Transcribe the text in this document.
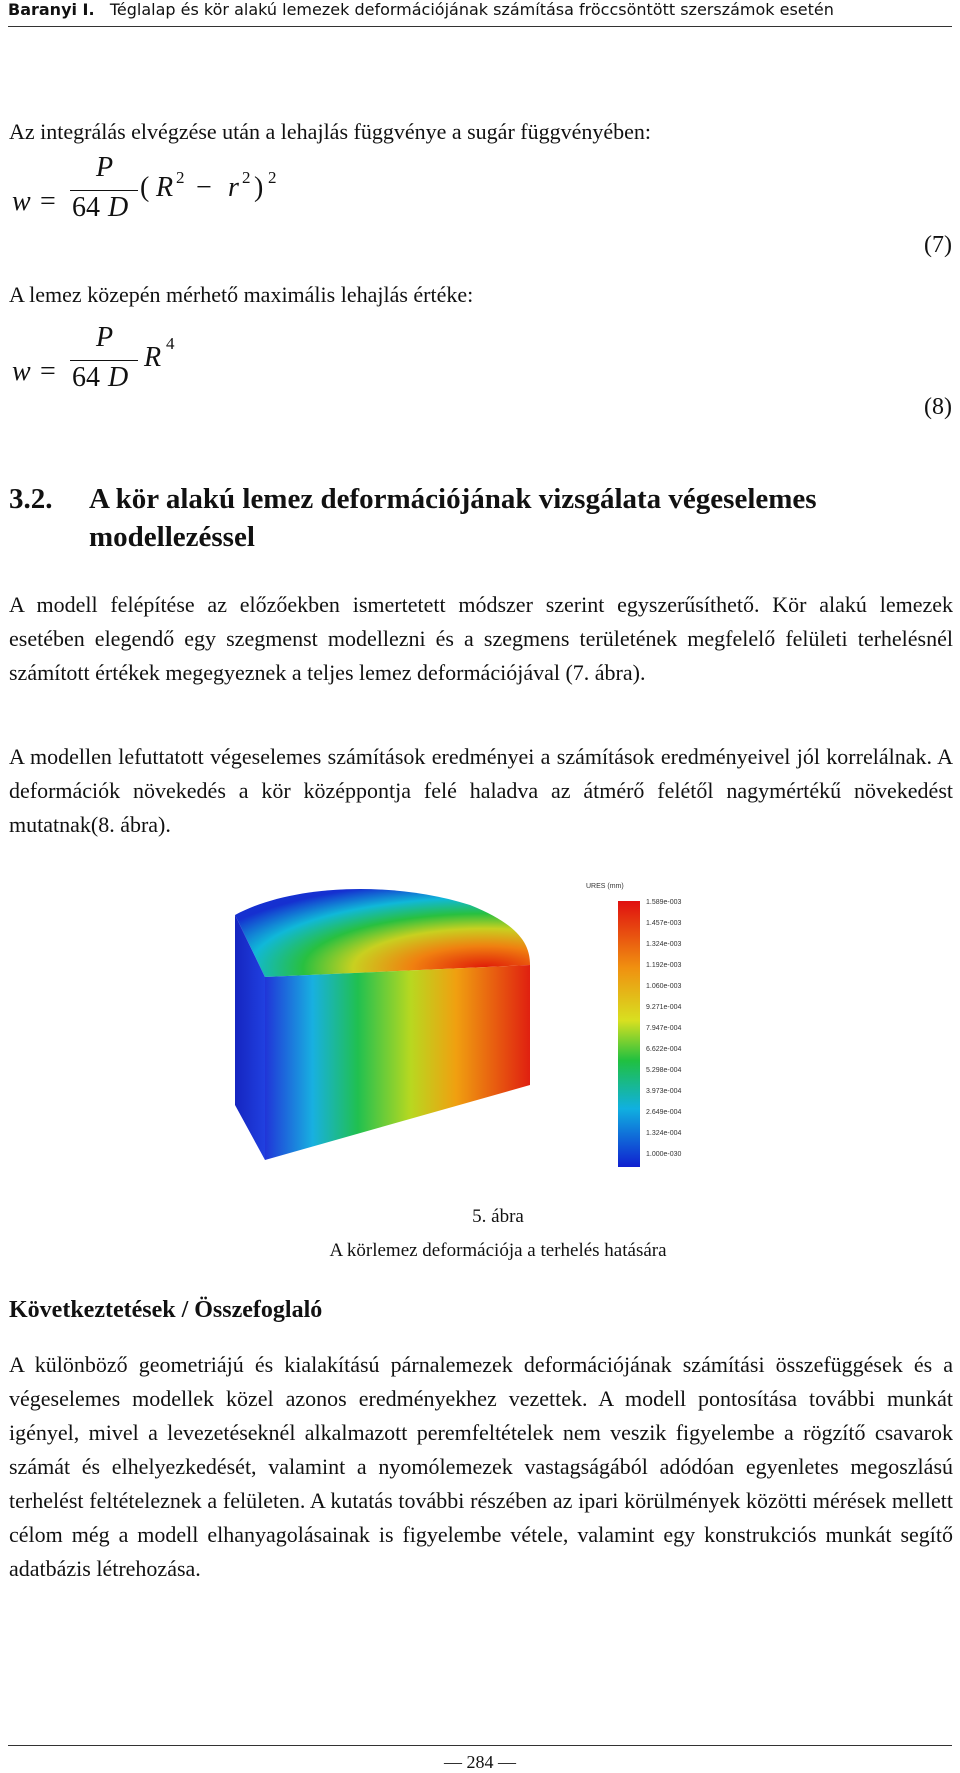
Baranyi I. Téglalap és kör alakú lemezek deformációjának számítása fröccsöntött szerszámok esetén
Az integrálás elvégzése után a lehajlás függvénye a sugár függvényében:
w =
P
64 D
( R 2 − r 2 ) 2
(7)
A lemez közepén mérhető maximális lehajlás értéke:
w =
P
64 D
R 4
(8)
3.2. A kör alakú lemez deformációjának vizsgálata végeselemes modellezéssel
A modell felépítése az előzőekben ismertetett módszer szerint egyszerűsíthető. Kör alakú lemezek esetében elegendő egy szegmenst modellezni és a szegmens területének megfelelő felületi terhelésnél számított értékek megegyeznek a teljes lemez deformációjával (7. ábra).
A modellen lefuttatott végeselemes számítások eredményei a számítások eredményeivel jól korrelálnak. A deformációk növekedés a kör középpontja felé haladva az átmérő felétől nagymértékű növekedést mutatnak(8. ábra).
URES (mm)
1.589e-003
1.457e-003
1.324e-003
1.192e-003
1.060e-003
9.271e-004
7.947e-004
6.622e-004
5.298e-004
3.973e-004
2.649e-004
1.324e-004
1.000e-030
5. ábra
A körlemez deformációja a terhelés hatására
Következtetések / Összefoglaló
A különböző geometriájú és kialakítású párnalemezek deformációjának számítási összefüggések és a végeselemes modellek közel azonos eredményekhez vezettek. A modell pontosítása további munkát igényel, mivel a levezetéseknél alkalmazott peremfeltételek nem veszik figyelembe a rögzítő csavarok számát és elhelyezkedését, valamint a nyomólemezek vastagságából adódóan egyenletes megoszlású terhelést feltételeznek a felületen. A kutatás további részében az ipari körülmények közötti mérések mellett célom még a modell elhanyagolásainak is figyelembe vétele, valamint egy konstrukciós munkát segítő adatbázis létrehozása.
— 284 —
